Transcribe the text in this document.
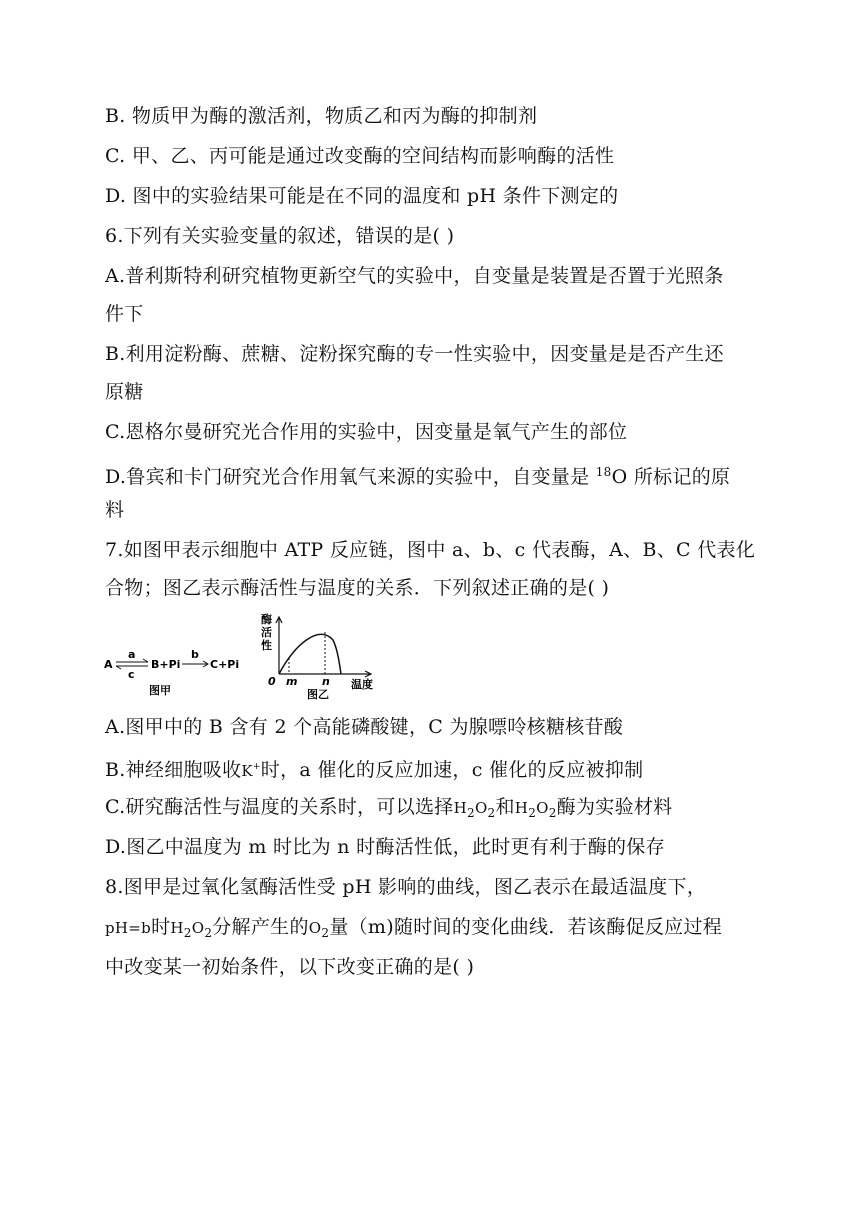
B. 物质甲为酶的激活剂，物质乙和丙为酶的抑制剂
C. 甲、乙、丙可能是通过改变酶的空间结构而影响酶的活性
D. 图中的实验结果可能是在不同的温度和 pH 条件下测定的
6.下列有关实验变量的叙述，错误的是( )
A.普利斯特利研究植物更新空气的实验中，自变量是装置是否置于光照条
件下
B.利用淀粉酶、蔗糖、淀粉探究酶的专一性实验中，因变量是是否产生还
原糖
C.恩格尔曼研究光合作用的实验中，因变量是氧气产生的部位
D.鲁宾和卡门研究光合作用氧气来源的实验中，自变量是 $^{18}$O 所标记的原
料
7.如图甲表示细胞中 ATP 反应链，图中 a、b、c 代表酶，A、B、C 代表化
合物；图乙表示酶活性与温度的关系．下列叙述正确的是( )
A
a
c
B+Pi
b
C+Pi
图甲
酶
活
性
0 m n 温度
图乙
A.图甲中的 B 含有 2 个高能磷酸键，C 为腺嘌呤核糖核苷酸
B.神经细胞吸收K+时，a 催化的反应加速，c 催化的反应被抑制
C.研究酶活性与温度的关系时，可以选择$H_2O_2$和$H_2O_2$酶为实验材料
D.图乙中温度为 m 时比为 n 时酶活性低，此时更有利于酶的保存
8.图甲是过氧化氢酶活性受 pH 影响的曲线，图乙表示在最适温度下，
pH=b时$H_2O_2$分解产生的$O_2$量（m)随时间的变化曲线．若该酶促反应过程
中改变某一初始条件，以下改变正确的是( )
